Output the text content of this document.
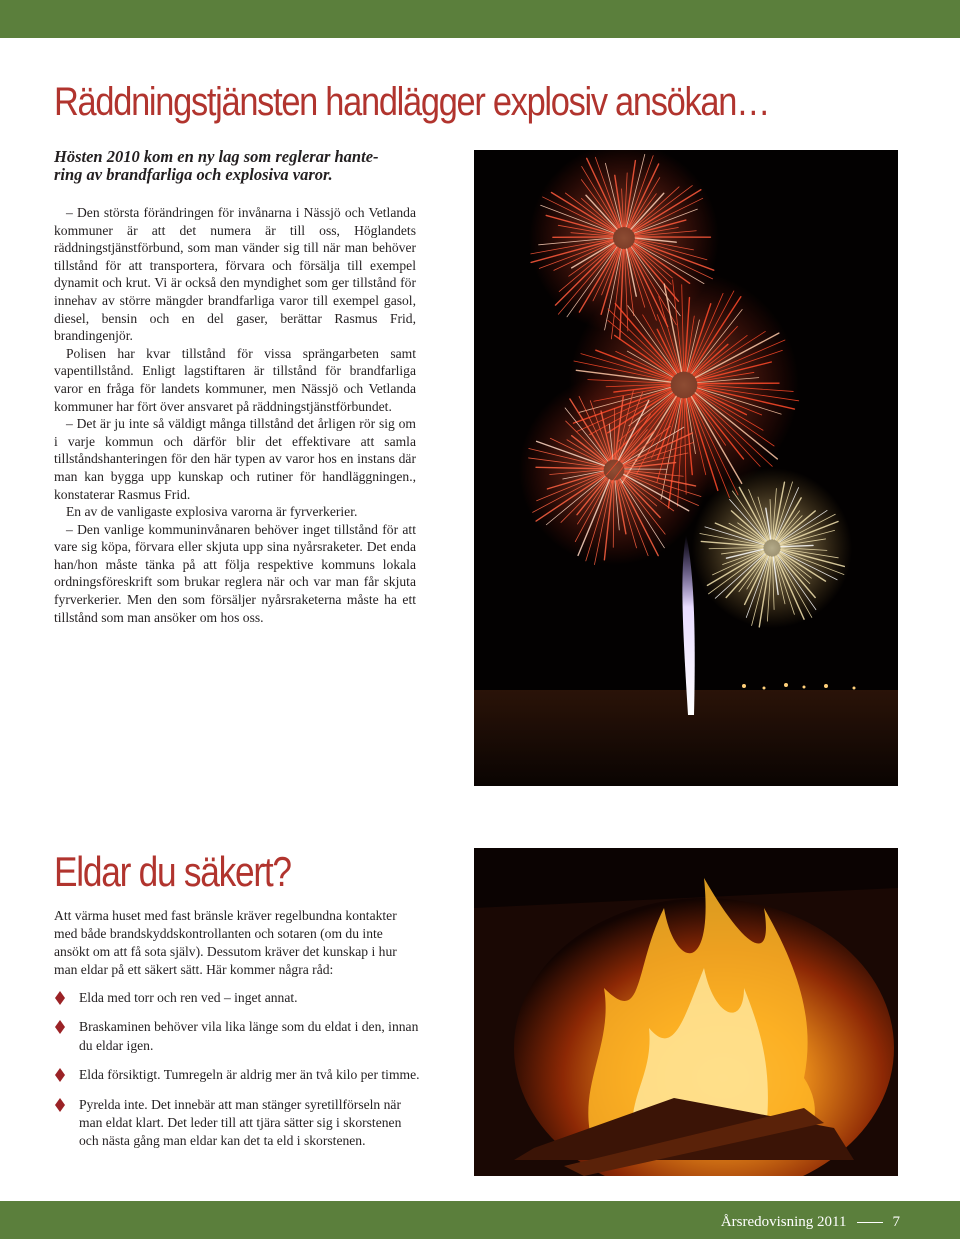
Räddningstjänsten handlägger explosiv ansökan…

Hösten 2010 kom en ny lag som reglerar hante-
ring av brandfarliga och explosiva varor.

– Den största förändringen för invånarna i Nässjö och Vetlanda kommuner är att det numera är till oss, Höglandets räddningstjänstförbund, som man vänder sig till när man behöver tillstånd för att transportera, förvara och försälja till exempel dynamit och krut. Vi är också den myndighet som ger tillstånd för innehav av större mängder brandfarliga varor till exempel gasol, diesel, bensin och en del gaser, berättar Rasmus Frid, brandingenjör.

Polisen har kvar tillstånd för vissa sprängarbeten samt vapentillstånd. Enligt lagstiftaren är tillstånd för brandfarliga varor en fråga för landets kommuner, men Nässjö och Vetlanda kommuner har fört över ansvaret på räddningstjänstförbundet.

– Det är ju inte så väldigt många tillstånd det årligen rör sig om i varje kommun och därför blir det effektivare att samla tillståndshanteringen för den här typen av varor hos en instans där man kan bygga upp kunskap och rutiner för handläggningen., konstaterar Rasmus Frid.

En av de vanligaste explosiva varorna är fyrverkerier.

– Den vanlige kommuninvånaren behöver inget tillstånd för att vare sig köpa, förvara eller skjuta upp sina nyårsraketer. Det enda han/hon måste tänka på att följa respektive kommuns lokala ordningsföreskrift som brukar reglera när och var man får skjuta fyrverkerier. Men den som försäljer nyårsraketerna måste ha ett tillstånd som man ansöker om hos oss.

Eldar du säkert?

Att värma huset med fast bränsle kräver regelbundna kontakter med både brandskyddskontrollanten och sotaren (om du inte ansökt om att få sota själv). Dessutom kräver det kunskap i hur man eldar på ett säkert sätt. Här kommer några råd:

Elda med torr och ren ved – inget annat.
Braskaminen behöver vila lika länge som du eldat i den, innan du eldar igen.
Elda försiktigt. Tumregeln är aldrig mer än två kilo per timme.
Pyrelda inte. Det innebär att man stänger syretillförseln när man eldat klart. Det leder till att tjära sätter sig i skorstenen och nästa gång man eldar kan det ta eld i skorstenen.
Årsredovisning 2011	7
